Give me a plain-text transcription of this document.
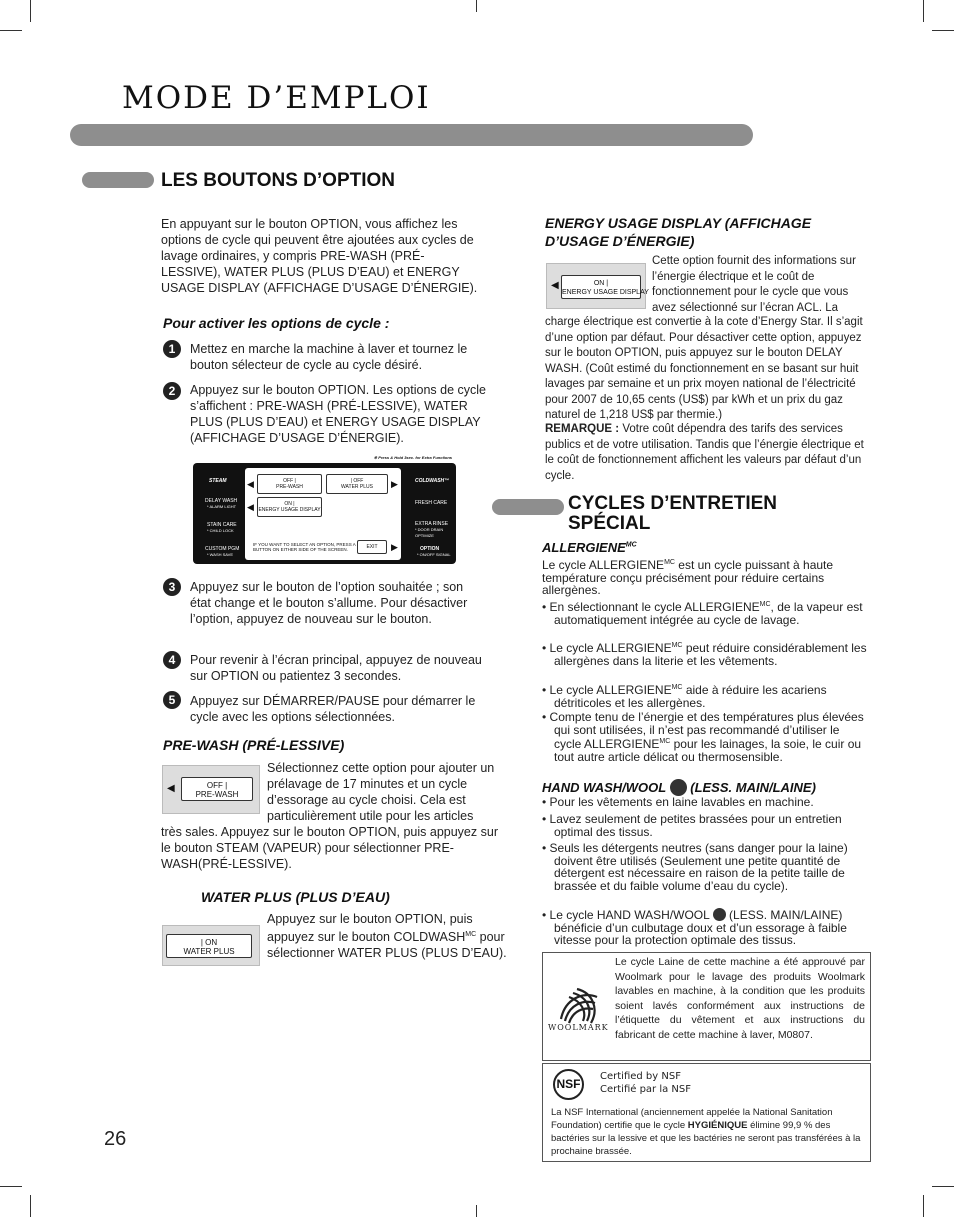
MODE D’EMPLOI
LES BOUTONS D’OPTION
En appuyant sur le bouton OPTION, vous affichez les options de cycle qui peuvent être ajoutées aux cycles de lavage ordinaires, y compris PRE-WASH (PRÉ-LESSIVE), WATER PLUS (PLUS D’EAU) et ENERGY USAGE DISPLAY (AFFICHAGE D’USAGE D’ÉNERGIE).
Pour activer les options de cycle :
1	Mettez en marche la machine à laver et tournez le bouton sélecteur de cycle au cycle désiré.
2	Appuyez sur le bouton OPTION. Les options de cycle s’affichent : PRE-WASH (PRÉ-LESSIVE), WATER PLUS (PLUS D’EAU) et ENERGY USAGE DISPLAY (AFFICHAGE D’USAGE D’ÉNERGIE).
※ Press & Hold 3sec. for Extra Functions
STEAM
DELAY WASH
* ALARM LIGHT
STAIN CARE
* CHILD LOCK
CUSTOM PGM
* WASH SAVE
◀	OFF |
PRE-WASH
| OFF
WATER PLUS	▶
◀	ON |
ENERGY USAGE DISPLAY
IF YOU WANT TO SELECT AN OPTION, PRESS A BUTTON ON EITHER SIDE OF THE SCREEN.	EXIT	▶
COLDWASH™
FRESH CARE
EXTRA RINSE
* DOOR DRAIN OPTIMIZE
OPTION
* ON/OFF SIGNAL
3	Appuyez sur le bouton de l’option souhaitée ; son état change et le bouton s’allume. Pour désactiver l’option, appuyez de nouveau sur le bouton.
4	Pour revenir à l’écran principal, appuyez de nouveau sur OPTION ou patientez 3 secondes.
5	Appuyez sur DÉMARRER/PAUSE pour démarrer le cycle avec les options sélectionnées.
PRE-WASH (PRÉ-LESSIVE)
◀	OFF |
PRE-WASH
Sélectionnez cette option pour ajouter un prélavage de 17 minutes et un cycle d’essorage au cycle choisi. Cela est particulièrement utile pour les articles
très sales. Appuyez sur le bouton OPTION, puis appuyez sur le bouton STEAM (VAPEUR) pour sélectionner PRE-WASH(PRÉ-LESSIVE).
WATER PLUS (PLUS D’EAU)
| ON
WATER PLUS
Appuyez sur le bouton OPTION, puis appuyez sur le bouton $COLDWASH^{MC}$ pour sélectionner WATER PLUS (PLUS D’EAU).
ENERGY USAGE DISPLAY (AFFICHAGE
D’USAGE D’ÉNERGIE)
◀	ON |
ENERGY USAGE DISPLAY
Cette option fournit des informations sur l’énergie électrique et le coût de fonctionnement pour le cycle que vous avez sélectionné sur l’écran ACL. La
charge électrique est convertie à la cote d’Energy Star. Il s’agit d’une option par défaut. Pour désactiver cette option, appuyez sur le bouton OPTION, puis appuyez sur le bouton DELAY WASH. (Coût estimé du fonctionnement en se basant sur huit lavages par semaine et un prix moyen national de l’électricité pour 2007 de 10,65 cents (US$) par kWh et un prix du gaz naturel de 1,218 US$ par thermie.)
REMARQUE : Votre coût dépendra des tarifs des services publics et de votre utilisation. Tandis que l’énergie électrique et le coût de fonctionnement affichent les valeurs par défaut d’un cycle.
CYCLES D’ENTRETIEN
SPÉCIAL
$ALLERGIENE^{MC}$
Le cycle $ALLERGIENE^{MC}$ est un cycle puissant à haute température conçu précisément pour réduire certains allergènes.
• En sélectionnant le cycle $ALLERGIENE^{MC}$, de la vapeur est automatiquement intégrée au cycle de lavage.
• Le cycle $ALLERGIENE^{MC}$ peut réduire considérablement les allergènes dans la literie et les vêtements.
• Le cycle $ALLERGIENE^{MC}$ aide à réduire les acariens détriticoles et les allergènes.
• Compte tenu de l’énergie et des températures plus élevées qui sont utilisées, il n’est pas recommandé d’utiliser le cycle $ALLERGIENE^{MC}$ pour les lainages, la soie, le cuir ou tout autre article délicat ou thermosensible.
HAND WASH/WOOL (LESS. MAIN/LAINE)
• Pour les vêtements en laine lavables en machine.
• Lavez seulement de petites brassées pour un entretien optimal des tissus.
• Seuls les détergents neutres (sans danger pour la laine) doivent être utilisés (Seulement une petite quantité de détergent est nécessaire en raison de la petite taille de brassée et du faible volume d’eau du cycle).
• Le cycle HAND WASH/WOOL (LESS. MAIN/LAINE) bénéficie d’un culbutage doux et d’un essorage à faible vitesse pour la protection optimale des tissus.
WOOLMARK
Le cycle Laine de cette machine a été approuvé par Woolmark pour le lavage des produits Woolmark lavables en machine, à la condition que les produits soient lavés conformément aux instructions de l’étiquette du vêtement et aux instructions du fabricant de cette machine à laver, M0807.
NSF
Certified by NSF
Certifié par la NSF
La NSF International (anciennement appelée la National Sanitation Foundation) certifie que le cycle HYGIÉNIQUE élimine 99,9 % des bactéries sur la lessive et que les bactéries ne seront pas transférées à la prochaine brassée.
26
